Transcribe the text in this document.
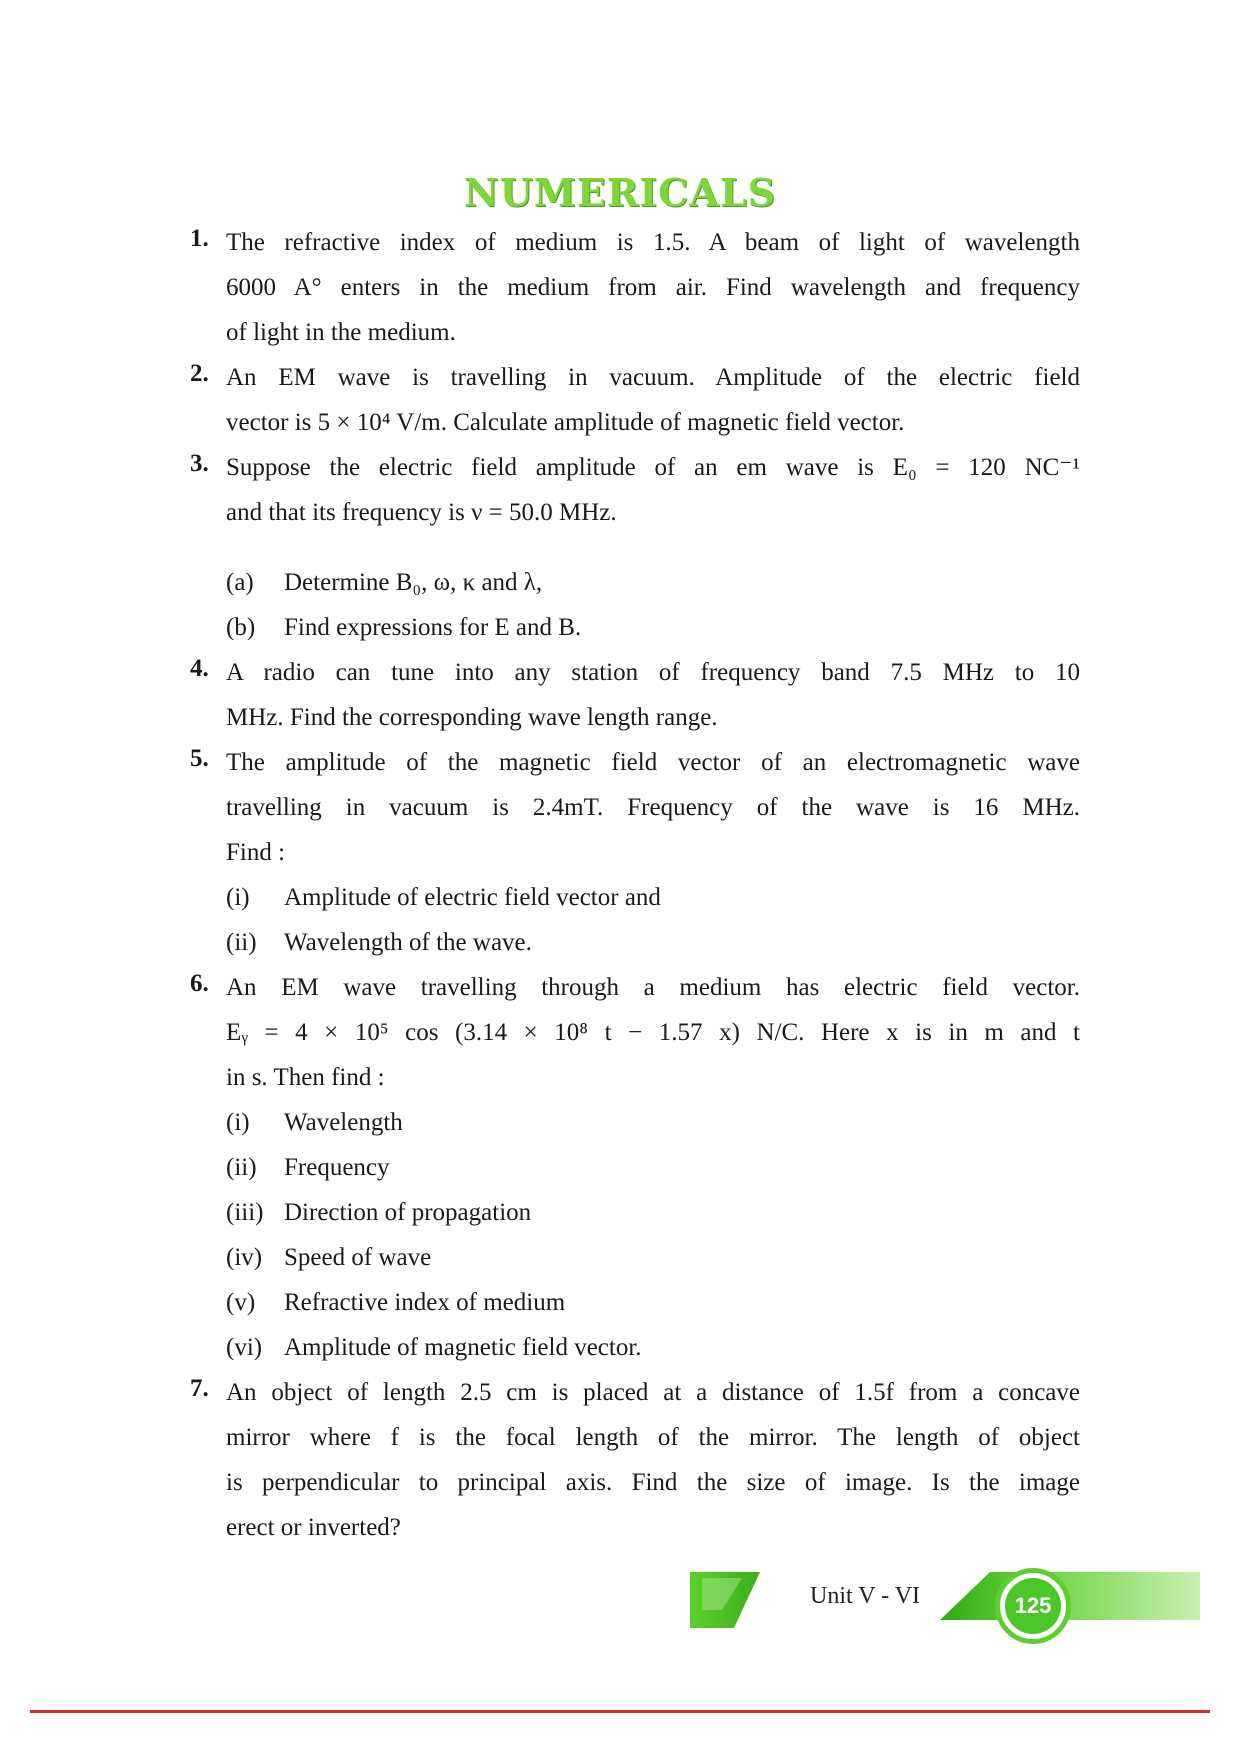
NUMERICALS
1. The refractive index of medium is 1.5. A beam of light of wavelength
6000 A° enters in the medium from air. Find wavelength and frequency
of light in the medium.
2. An EM wave is travelling in vacuum. Amplitude of the electric field
vector is 5 × 10⁴ V/m. Calculate amplitude of magnetic field vector.
3. Suppose the electric field amplitude of an em wave is E₀ = 120 NC⁻¹
and that its frequency is ν = 50.0 MHz.
(a) Determine B₀, ω, κ and λ,
(b) Find expressions for E and B.
4. A radio can tune into any station of frequency band 7.5 MHz to 10
MHz. Find the corresponding wave length range.
5. The amplitude of the magnetic field vector of an electromagnetic wave
travelling in vacuum is 2.4mT. Frequency of the wave is 16 MHz.
Find :
(i) Amplitude of electric field vector and
(ii) Wavelength of the wave.
6. An EM wave travelling through a medium has electric field vector.
Eᵧ = 4 × 10⁵ cos (3.14 × 10⁸ t − 1.57 x) N/C. Here x is in m and t
in s. Then find :
(i) Wavelength
(ii) Frequency
(iii) Direction of propagation
(iv) Speed of wave
(v) Refractive index of medium
(vi) Amplitude of magnetic field vector.
7. An object of length 2.5 cm is placed at a distance of 1.5f from a concave
mirror where f is the focal length of the mirror. The length of object
is perpendicular to principal axis. Find the size of image. Is the image
erect or inverted?
Unit V - VI	125
